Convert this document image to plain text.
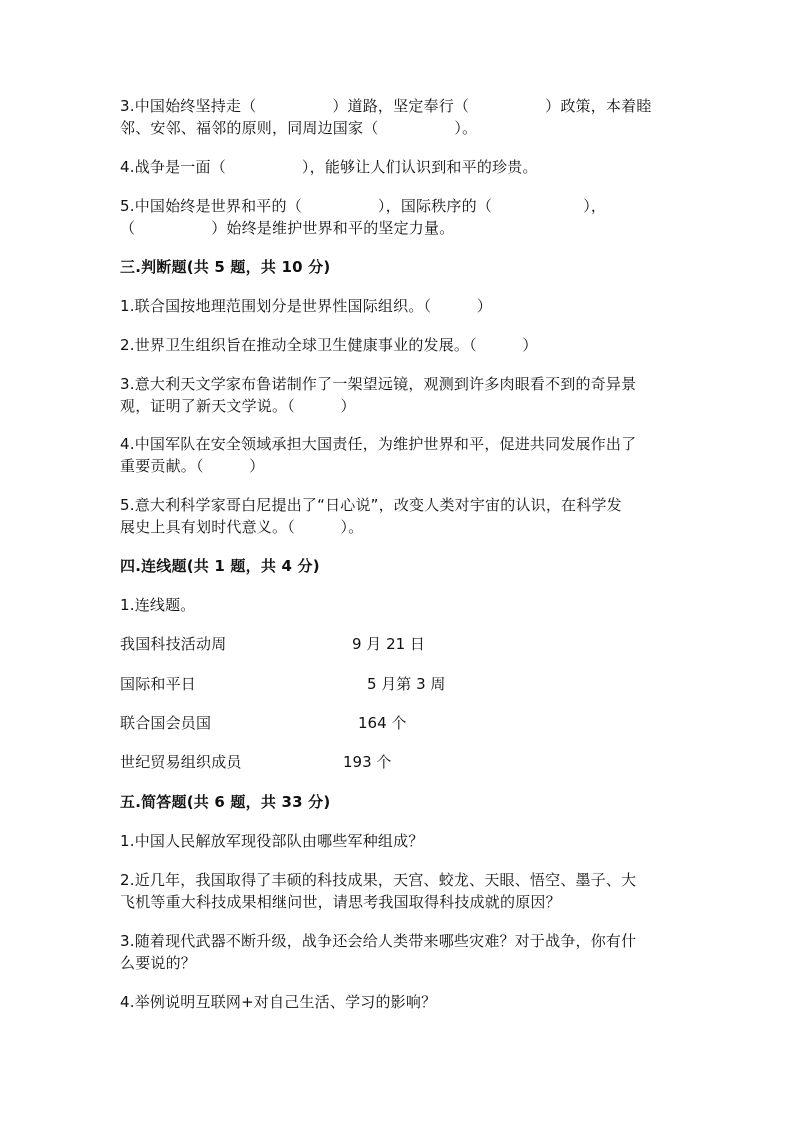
3.中国始终坚持走（　　　　　）道路，坚定奉行（　　　　　）政策，本着睦
邻、安邻、福邻的原则，同周边国家（　　　　　）。
4.战争是一面（　　　　　），能够让人们认识到和平的珍贵。
5.中国始终是世界和平的（　　　　　），国际秩序的（　　　　　　），
（　　　　　）始终是维护世界和平的坚定力量。
三.判断题(共 5 题，共 10 分)
1.联合国按地理范围划分是世界性国际组织。（　　　）
2.世界卫生组织旨在推动全球卫生健康事业的发展。（　　　）
3.意大利天文学家布鲁诺制作了一架望远镜，观测到许多肉眼看不到的奇异景
观，证明了新天文学说。（　　　）
4.中国军队在安全领域承担大国责任，为维护世界和平，促进共同发展作出了
重要贡献。（　　　）
5.意大利科学家哥白尼提出了“日心说”，改变人类对宇宙的认识，在科学发
展史上具有划时代意义。（　　　）。
四.连线题(共 1 题，共 4 分)
1.连线题。
我国科技活动周	9 月 21 日
国际和平日	5 月第 3 周
联合国会员国	164 个
世纪贸易组织成员	193 个
五.简答题(共 6 题，共 33 分)
1.中国人民解放军现役部队由哪些军种组成？
2.近几年，我国取得了丰硕的科技成果，天宫、蛟龙、天眼、悟空、墨子、大
飞机等重大科技成果相继问世，请思考我国取得科技成就的原因？
3.随着现代武器不断升级，战争还会给人类带来哪些灾难？对于战争，你有什
么要说的？
4.举例说明互联网+对自己生活、学习的影响？
